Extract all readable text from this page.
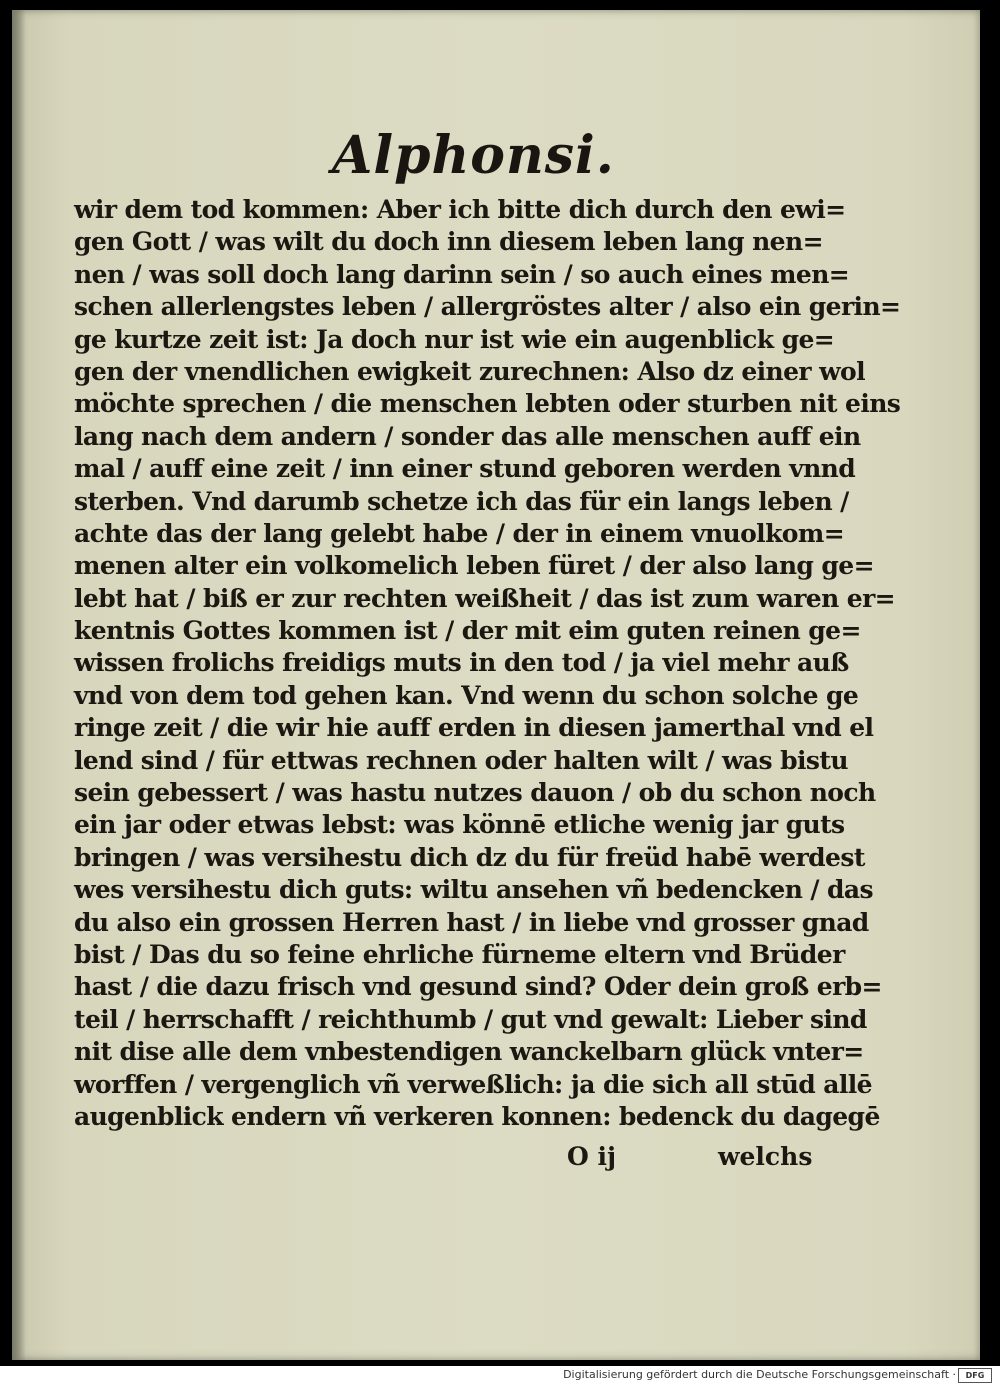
Alphonsi.
wir dem tod kommen: Aber ich bitte dich durch den ewi=
gen Gott / was wilt du doch inn diesem leben lang nen=
nen / was soll doch lang darinn sein / so auch eines men=
schen allerlengstes leben / allergröstes alter / also ein gerin=
ge kurtze zeit ist: Ja doch nur ist wie ein augenblick ge=
gen der vnendlichen ewigkeit zurechnen: Also dz einer wol
möchte sprechen / die menschen lebten oder sturben nit eins
lang nach dem andern / sonder das alle menschen auff ein
mal / auff eine zeit / inn einer stund geboren werden vnnd
sterben. Vnd darumb schetze ich das für ein langs leben /
achte das der lang gelebt habe / der in einem vnuolkom=
menen alter ein volkomelich leben füret / der also lang ge=
lebt hat / biß er zur rechten weißheit / das ist zum waren er=
kentnis Gottes kommen ist / der mit eim guten reinen ge=
wissen frolichs freidigs muts in den tod / ja viel mehr auß
vnd von dem tod gehen kan. Vnd wenn du schon solche ge
ringe zeit / die wir hie auff erden in diesen jamerthal vnd el
lend sind / für ettwas rechnen oder halten wilt / was bistu
sein gebessert / was hastu nutzes dauon / ob du schon noch
ein jar oder etwas lebst: was könnē etliche wenig jar guts
bringen / was versihestu dich dz du für freüd habē werdest
wes versihestu dich guts: wiltu ansehen vñ bedencken / das
du also ein grossen Herren hast / in liebe vnd grosser gnad
bist / Das du so feine ehrliche fürneme eltern vnd Brüder
hast / die dazu frisch vnd gesund sind? Oder dein groß erb=
teil / herrschafft / reichthumb / gut vnd gewalt: Lieber sind
nit dise alle dem vnbestendigen wanckelbarn glück vnter=
worffen / vergenglich vñ verweßlich: ja die sich all stūd allē
augenblick endern vñ verkeren konnen: bedenck du dagegē
O ij	welchs
Digitalisierung gefördert durch die Deutsche Forschungsgemeinschaft ·	DFG
